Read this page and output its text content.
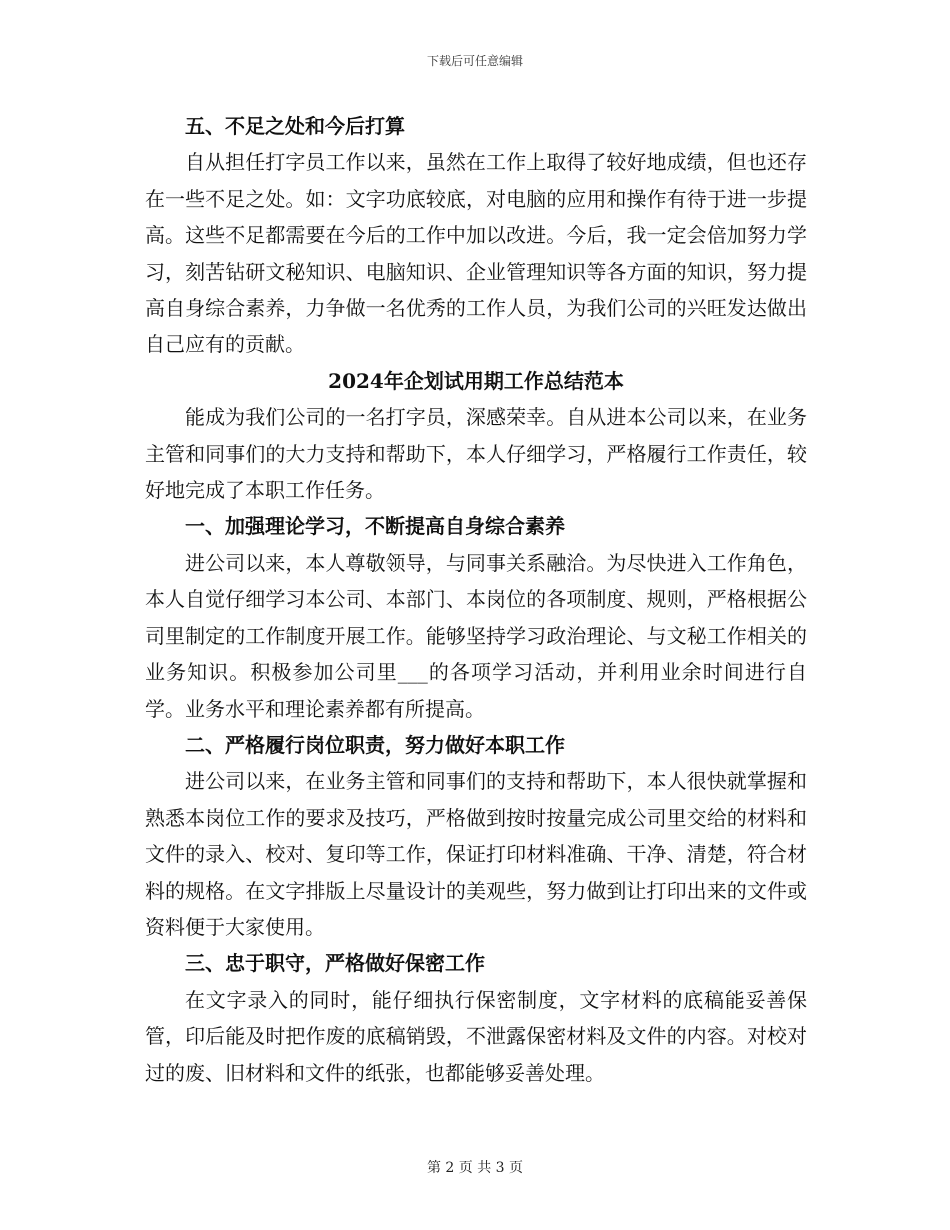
下载后可任意编辑

五、不足之处和今后打算

自从担任打字员工作以来，虽然在工作上取得了较好地成绩，但也还存在一些不足之处。如：文字功底较底，对电脑的应用和操作有待于进一步提高。这些不足都需要在今后的工作中加以改进。今后，我一定会倍加努力学习，刻苦钻研文秘知识、电脑知识、企业管理知识等各方面的知识，努力提高自身综合素养，力争做一名优秀的工作人员，为我们公司的兴旺发达做出自己应有的贡献。

2024年企划试用期工作总结范本

能成为我们公司的一名打字员，深感荣幸。自从进本公司以来，在业务主管和同事们的大力支持和帮助下，本人仔细学习，严格履行工作责任，较好地完成了本职工作任务。

一、加强理论学习，不断提高自身综合素养

进公司以来，本人尊敬领导，与同事关系融洽。为尽快进入工作角色，本人自觉仔细学习本公司、本部门、本岗位的各项制度、规则，严格根据公司里制定的工作制度开展工作。能够坚持学习政治理论、与文秘工作相关的业务知识。积极参加公司里___的各项学习活动，并利用业余时间进行自学。业务水平和理论素养都有所提高。

二、严格履行岗位职责，努力做好本职工作

进公司以来，在业务主管和同事们的支持和帮助下，本人很快就掌握和熟悉本岗位工作的要求及技巧，严格做到按时按量完成公司里交给的材料和文件的录入、校对、复印等工作，保证打印材料准确、干净、清楚，符合材料的规格。在文字排版上尽量设计的美观些，努力做到让打印出来的文件或资料便于大家使用。

三、忠于职守，严格做好保密工作

在文字录入的同时，能仔细执行保密制度，文字材料的底稿能妥善保管，印后能及时把作废的底稿销毁，不泄露保密材料及文件的内容。对校对过的废、旧材料和文件的纸张，也都能够妥善处理。

第 2 页 共 3 页
